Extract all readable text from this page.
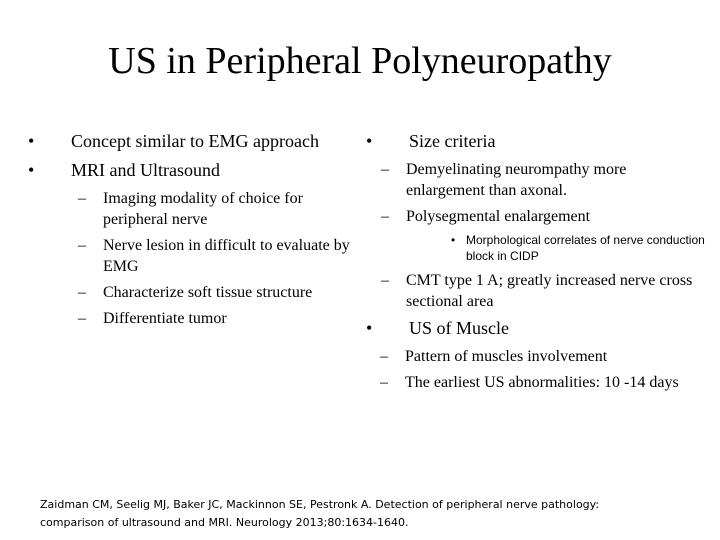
US in Peripheral Polyneuropathy
• Concept similar to EMG approach
• MRI and Ultrasound
– Imaging modality of choice for peripheral nerve
– Nerve lesion in difficult to evaluate by EMG
– Characterize soft tissue structure
– Differentiate tumor
• Size criteria
– Demyelinating neurompathy more enlargement than axonal.
– Polysegmental enalargement
• Morphological correlates of nerve conduction block in CIDP
– CMT type 1 A; greatly increased nerve cross sectional area
• US of Muscle
– Pattern of muscles involvement
– The earliest US abnormalities: 10 -14 days
Zaidman CM, Seelig MJ, Baker JC, Mackinnon SE, Pestronk A. Detection of peripheral nerve pathology:
comparison of ultrasound and MRI. Neurology 2013;80:1634-1640.
